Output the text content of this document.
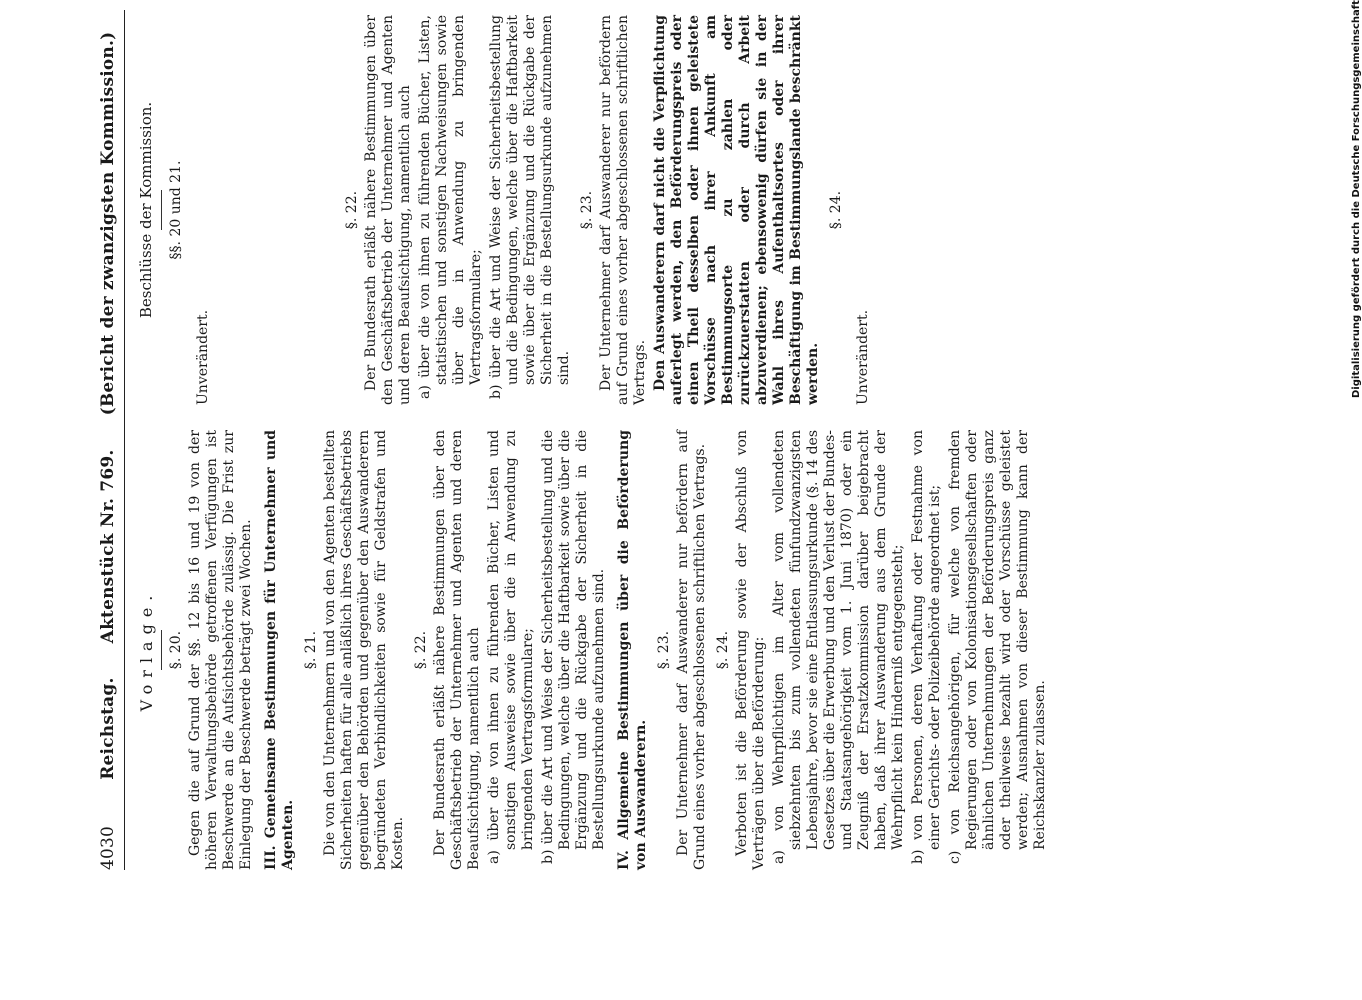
4030 Reichstag. Aktenstück Nr. 769. (Bericht der zwanzigsten Kommission.)
Vorlage. §. 20. Gegen die auf Grund der §§. 12 bis 16 und 19 von der höheren Verwaltungsbehörde getroffenen Verfügungen ist Beschwerde an die Aufsichtsbehörde zulässig. Die Frist zur Einlegung der Beschwerde beträgt zwei Wochen. III. Gemeinsame Bestimmungen für Unternehmer und Agenten.
§. 21. Die von den Unternehmern und von den Agenten bestellten Sicherheiten haften für alle anläßlich ihres Geschäftsbetriebs gegenüber den Behörden und gegenüber den Auswanderern begründeten Verbindlichkeiten sowie für Geldstrafen und Kosten.

§. 22. Der Bundesrath erläßt nähere Bestimmungen über den Geschäftsbetrieb der Unternehmer und Agenten und deren Beaufsichtigung, namentlich auch a) über die von ihnen zu führenden Bücher, Listen und sonstigen Ausweise sowie über die in Anwendung zu bringenden Vertragsformulare; b) über die Art und Weise der Sicherheitsbestellung und die Bedingungen, welche über die Haftbarkeit sowie über die Ergänzung und die Rückgabe der Sicherheit in die Bestellungsurkunde aufzunehmen sind. IV. Allgemeine Bestimmungen über die Beförderung von Auswanderern.
§. 23. Der Unternehmer darf Auswanderer nur befördern auf Grund eines vorher abgeschlossenen schriftlichen Vertrags. §. 24. Verboten ist die Beförderung sowie der Abschluß von Verträgen über die Beförderung: a) von Wehrpflichtigen im Alter vom vollendeten siebzehnten bis zum vollendeten fünfundzwanzigsten Lebensjahre, bevor sie eine Entlassungsurkunde (§. 14 des Gesetzes über die Erwerbung und den Verlust der Bundes- und Staatsangehörigkeit vom 1. Juni 1870) oder ein Zeugniß der Ersatzkommission darüber beigebracht haben, daß ihrer Auswanderung aus dem Grunde der Wehrpflicht kein Hinderniß entgegensteht; b) von Personen, deren Verhaftung oder Festnahme von einer Gerichts- oder Polizeibehörde angeordnet ist; c) von Reichsangehörigen, für welche von fremden Regierungen oder von Kolonisationsgesellschaften oder ähnlichen Unternehmungen der Beförderungspreis ganz oder theilweise bezahlt wird oder Vorschüsse geleistet werden; Ausnahmen von dieser Bestimmung kann der Reichskanzler zulassen.
Beschlüsse der Kommission. §§. 20 und 21.

Unverändert.

§. 22. Der Bundesrath erläßt nähere Bestimmungen über den Geschäftsbetrieb der Unternehmer und Agenten und deren Beaufsichtigung, namentlich auch a) über die von ihnen zu führenden Bücher, Listen, statistischen und sonstigen Nachweisungen sowie über die in Anwendung zu bringenden Vertragsformulare; b) über die Art und Weise der Sicherheitsbestellung und die Bedingungen, welche über die Haftbarkeit sowie über die Ergänzung und die Rückgabe der Sicherheit in die Bestellungsurkunde aufzunehmen sind.
§. 23. Der Unternehmer darf Auswanderer nur befördern auf Grund eines vorher abgeschlossenen schriftlichen Vertrags. Den Auswanderern darf nicht die Verpflichtung auferlegt werden, den Beförderungspreis oder einen Theil desselben oder ihnen geleistete Vorschüsse nach ihrer Ankunft am Bestimmungsorte zu zahlen oder zurückzuerstatten oder durch Arbeit abzuverdienen; ebensowenig dürfen sie in der Wahl ihres Aufenthaltsortes oder ihrer Beschäftigung im Bestimmungslande beschränkt werden.

§. 24.

Unverändert.	Digitalisierung gefördert durch die Deutsche Forschungsgemeinschaft
